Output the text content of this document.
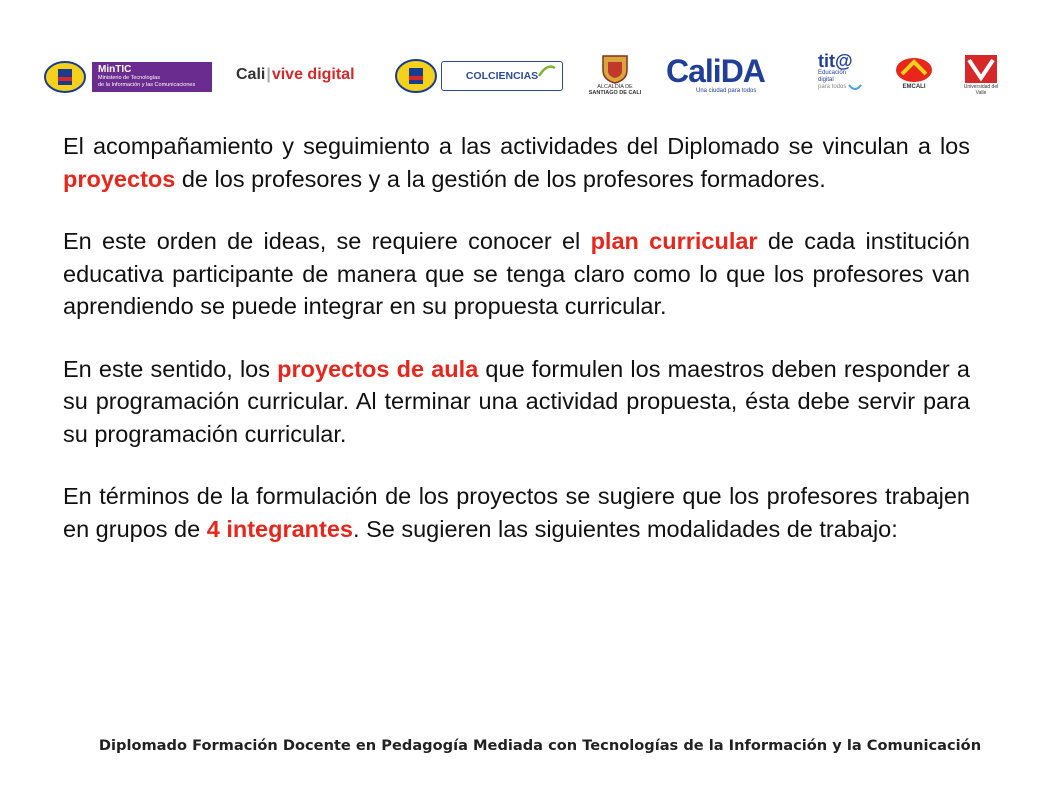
MinTIC
Ministerio de Tecnologías
de la Información y las Comunicaciones
Cali | vive digital	COLCIENCIAS
ALCALDÍA DE
SANTIAGO DE CALI
CaliDA
Una ciudad para todos
tit@
Educación
digital
para todos	EMCALI	Universidad del Valle

El acompañamiento y seguimiento a las actividades del Diplomado se vinculan a los proyectos de los profesores y a la gestión de los profesores formadores.

En este orden de ideas, se requiere conocer el plan curricular de cada institución educativa participante de manera que se tenga claro como lo que los profesores van aprendiendo se puede integrar en su propuesta curricular.

En este sentido, los proyectos de aula que formulen los maestros deben responder a su programación curricular. Al terminar una actividad propuesta, ésta debe servir para su programación curricular.

En términos de la formulación de los proyectos se sugiere que los profesores trabajen en grupos de 4 integrantes. Se sugieren las siguientes modalidades de trabajo:

Diplomado Formación Docente en Pedagogía Mediada con Tecnologías de la Información y la Comunicación
